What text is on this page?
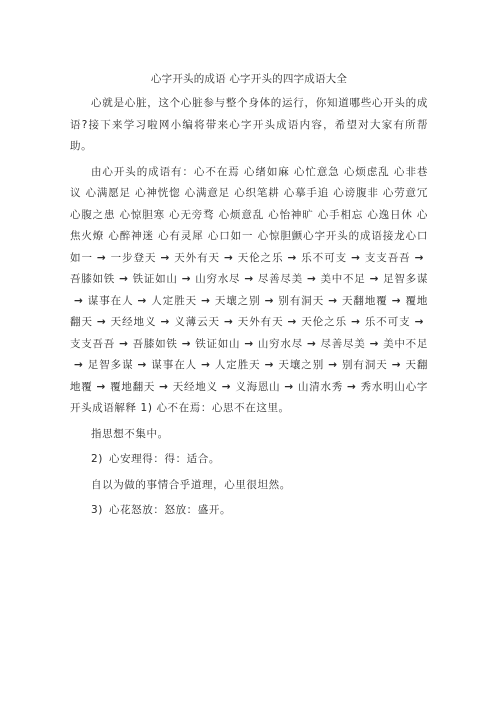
心字开头的成语 心字开头的四字成语大全

心就是心脏，这个心脏参与整个身体的运行，你知道哪些心开头的成语?接下来学习啦网小编将带来心字开头成语内容，希望对大家有所帮助。

由心开头的成语有：心不在焉 心绪如麻 心忙意急 心烦虑乱 心非巷议 心满愿足 心神恍惚 心满意足 心织笔耕 心摹手追 心谤腹非 心劳意冗 心腹之患 心惊胆寒 心无旁骛 心烦意乱 心怡神旷 心手相忘 心逸日休 心焦火燎 心醉神迷 心有灵犀 心口如一 心惊胆颤心字开头的成语接龙心口如一 → 一步登天 → 天外有天 → 天伦之乐 → 乐不可支 → 支支吾吾 →吾膝如铁 → 铁证如山 → 山穷水尽 → 尽善尽美 → 美中不足 → 足智多谋→ 谋事在人 → 人定胜天 → 天壤之别 → 别有洞天 → 天翻地覆 → 覆地翻天 → 天经地义 → 义薄云天 → 天外有天 → 天伦之乐 → 乐不可支 →支支吾吾 → 吾膝如铁 → 铁证如山 → 山穷水尽 → 尽善尽美 → 美中不足→ 足智多谋 → 谋事在人 → 人定胜天 → 天壤之别 → 别有洞天 → 天翻地覆 → 覆地翻天 → 天经地义 → 义海恩山 → 山清水秀 → 秀水明山心字开头成语解释 1) 心不在焉：心思不在这里。

指思想不集中。

2) 心安理得：得：适合。

自以为做的事情合乎道理，心里很坦然。

3) 心花怒放：怒放：盛开。
